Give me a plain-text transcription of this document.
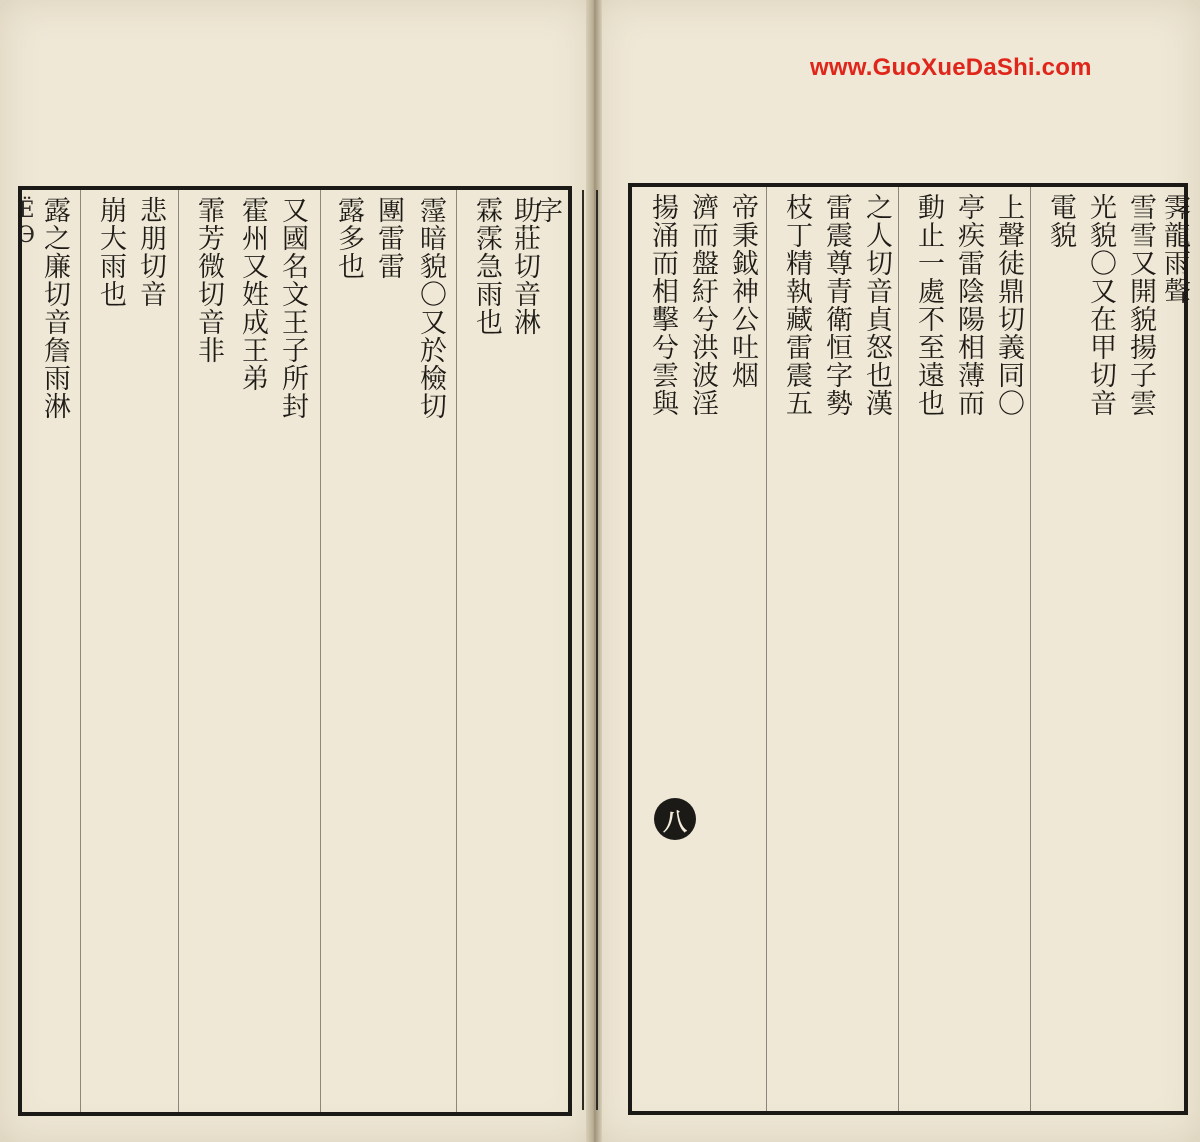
www.GuoXueDaShi.com
ЁЭ 露之廉切音詹雨淋 崩大雨也 悲朋切音	霏芳微切音非 霍州又姓成王弟 又國名文王子所封 露多也 團雷雷 霪暗貌〇又於檢切 霖霂急雨也 助莊切音淋
字	揚涌而相擊兮雲與 濟而盤紆兮洪波淫 帝秉鉞神公吐烟 枝丁精執藏雷震五 雷震尊青衛恒字勢 之人切音貞怒也漢 動止一處不至遠也 亭疾雷陰陽相薄而 上聲徒鼎切義同〇 電貌 光貌〇又在甲切音 雪雪又開貌揚子雲 霁龍雨聲
八
